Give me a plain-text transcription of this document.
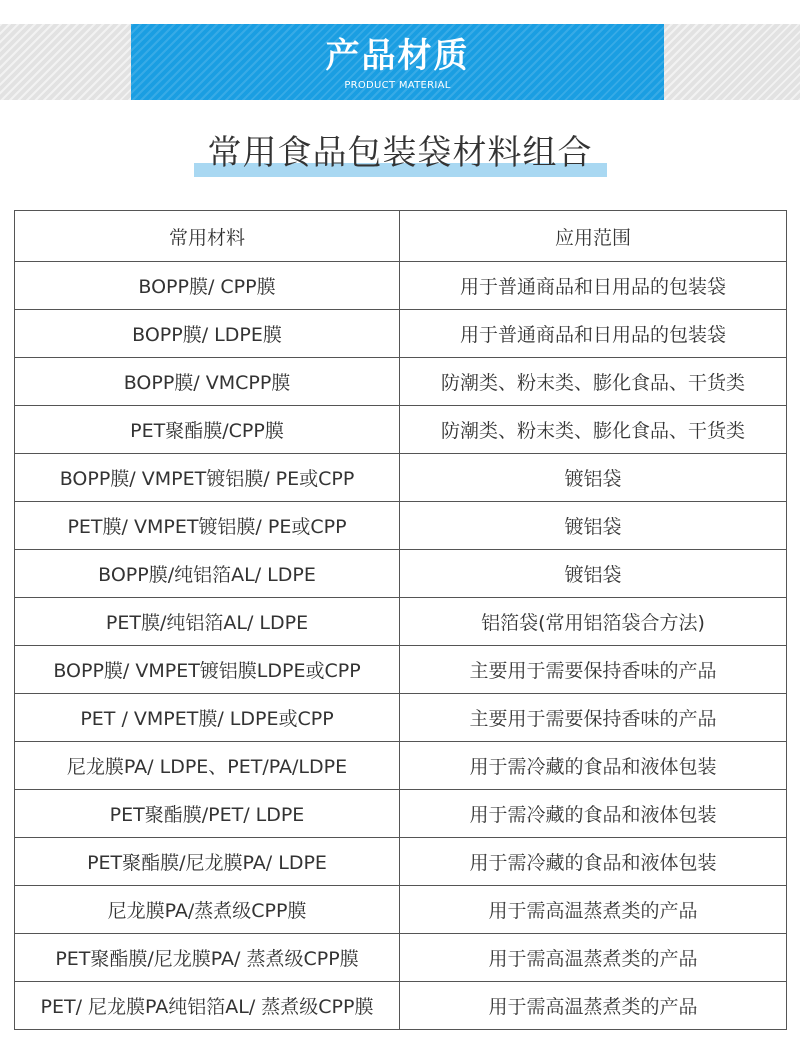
产品材质
PRODUCT MATERIAL
常用食品包装袋材料组合
常用材料	应用范围
BOPP膜/ CPP膜	用于普通商品和日用品的包装袋
BOPP膜/ LDPE膜	用于普通商品和日用品的包装袋
BOPP膜/ VMCPP膜	防潮类、粉末类、膨化食品、干货类
PET聚酯膜/CPP膜	防潮类、粉末类、膨化食品、干货类
BOPP膜/ VMPET镀铝膜/ PE或CPP	镀铝袋
PET膜/ VMPET镀铝膜/ PE或CPP	镀铝袋
BOPP膜/纯铝箔AL/ LDPE	镀铝袋
PET膜/纯铝箔AL/ LDPE	铝箔袋(常用铝箔袋合方法)
BOPP膜/ VMPET镀铝膜LDPE或CPP	主要用于需要保持香味的产品
PET / VMPET膜/ LDPE或CPP	主要用于需要保持香味的产品
尼龙膜PA/ LDPE、PET/PA/LDPE	用于需冷藏的食品和液体包装
PET聚酯膜/PET/ LDPE	用于需冷藏的食品和液体包装
PET聚酯膜/尼龙膜PA/ LDPE	用于需冷藏的食品和液体包装
尼龙膜PA/蒸煮级CPP膜	用于需高温蒸煮类的产品
PET聚酯膜/尼龙膜PA/ 蒸煮级CPP膜	用于需高温蒸煮类的产品
PET/ 尼龙膜PA纯铝箔AL/ 蒸煮级CPP膜	用于需高温蒸煮类的产品
